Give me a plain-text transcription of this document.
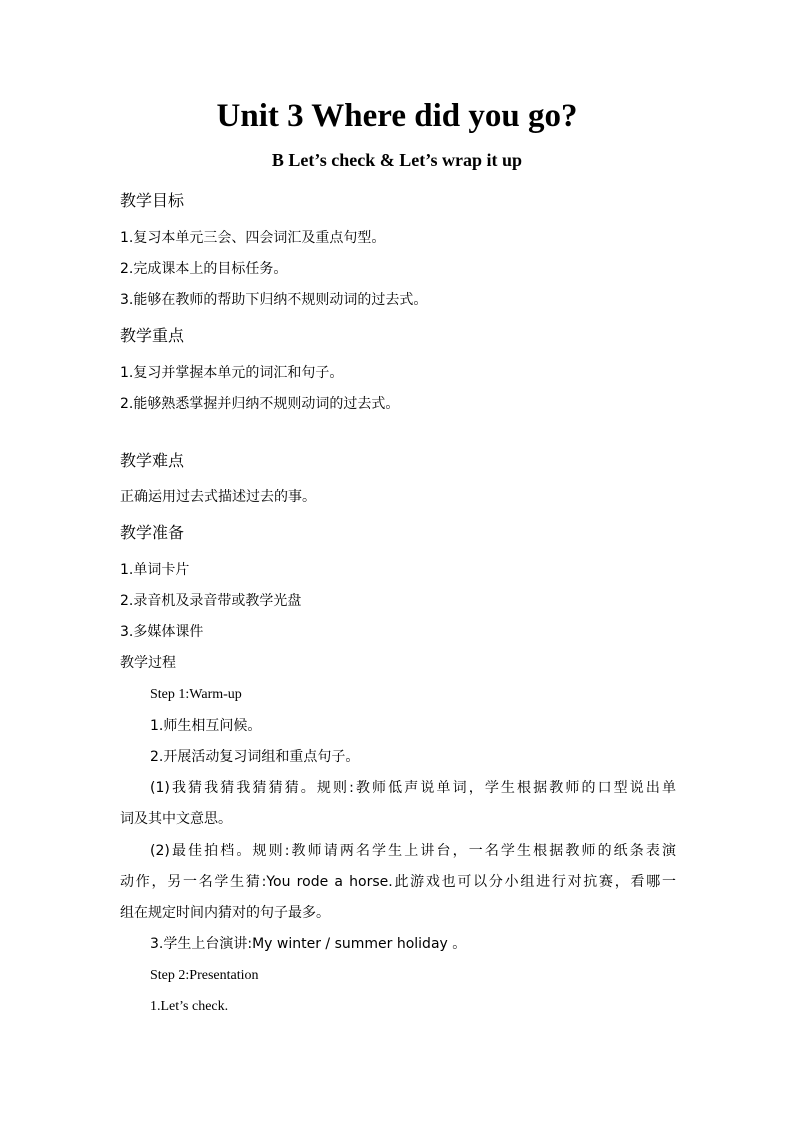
Unit 3 Where did you go?
B Let’s check & Let’s wrap it up
教学目标
1.复习本单元三会、四会词汇及重点句型。
2.完成课本上的目标任务。
3.能够在教师的帮助下归纳不规则动词的过去式。
教学重点
1.复习并掌握本单元的词汇和句子。
2.能够熟悉掌握并归纳不规则动词的过去式。
教学难点
正确运用过去式描述过去的事。
教学准备
1.单词卡片
2.录音机及录音带或教学光盘
3.多媒体课件
教学过程
Step 1:Warm-up
1.师生相互问候。
2.开展活动复习词组和重点句子。
(1)我猜我猜我猜猜猜。规则:教师低声说单词，学生根据教师的口型说出单
词及其中文意思。
(2)最佳拍档。规则:教师请两名学生上讲台，一名学生根据教师的纸条表演
动作，另一名学生猜:You rode a horse.此游戏也可以分小组进行对抗赛，看哪一
组在规定时间内猜对的句子最多。
3.学生上台演讲:My winter / summer holiday 。
Step 2:Presentation
1.Let’s check.
